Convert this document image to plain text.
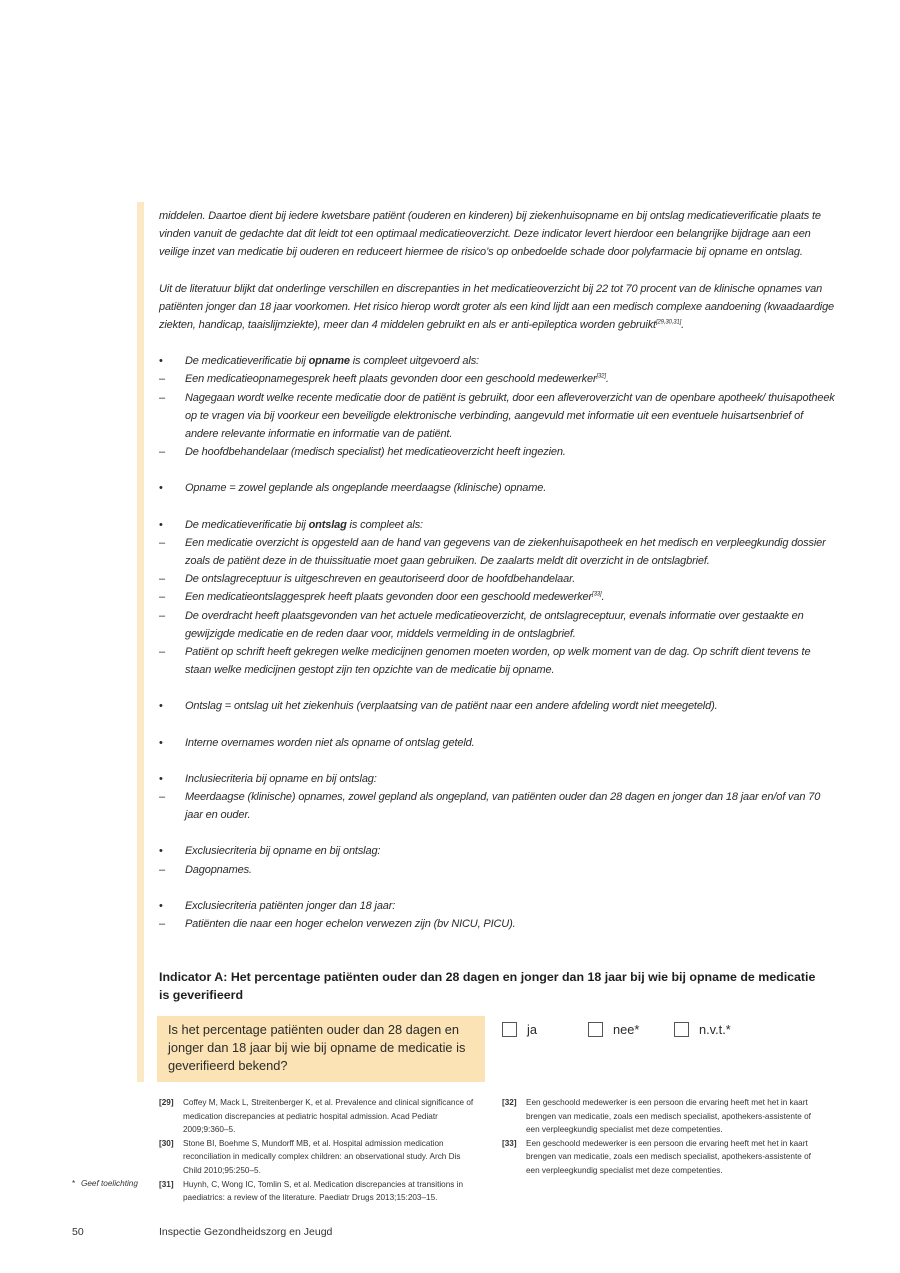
middelen. Daartoe dient bij iedere kwetsbare patiënt (ouderen en kinderen) bij ziekenhuisopname en bij ontslag medicatieverificatie plaats te vinden vanuit de gedachte dat dit leidt tot een optimaal medicatieoverzicht. Deze indicator levert hierdoor een belangrijke bijdrage aan een veilige inzet van medicatie bij ouderen en reduceert hiermee de risico’s op onbedoelde schade door polyfarmacie bij opname en ontslag.

Uit de literatuur blijkt dat onderlinge verschillen en discrepanties in het medicatieoverzicht bij 22 tot 70 procent van de klinische opnames van patiënten jonger dan 18 jaar voorkomen. Het risico hierop wordt groter als een kind lijdt aan een medisch complexe aandoening (kwaadaardige ziekten, handicap, taaislijmziekte), meer dan 4 middelen gebruikt en als er anti-epileptica worden gebruikt[29,30,31].

• De medicatieverificatie bij opname is compleet uitgevoerd als:
– Een medicatieopnamegesprek heeft plaats gevonden door een geschoold medewerker[32].
– Nagegaan wordt welke recente medicatie door de patiënt is gebruikt, door een afleveroverzicht van de openbare apotheek/ thuisapotheek op te vragen via bij voorkeur een beveiligde elektronische verbinding, aangevuld met informatie uit een eventuele huisartsenbrief of andere relevante informatie en informatie van de patiënt.
– De hoofdbehandelaar (medisch specialist) het medicatieoverzicht heeft ingezien.
• Opname = zowel geplande als ongeplande meerdaagse (klinische) opname.
• De medicatieverificatie bij ontslag is compleet als:
– Een medicatie overzicht is opgesteld aan de hand van gegevens van de ziekenhuisapotheek en het medisch en verpleegkundig dossier zoals de patiënt deze in de thuissituatie moet gaan gebruiken. De zaalarts meldt dit overzicht in de ontslagbrief.
– De ontslagreceptuur is uitgeschreven en geautoriseerd door de hoofdbehandelaar.
– Een medicatieontslaggesprek heeft plaats gevonden door een geschoold medewerker[33].
– De overdracht heeft plaatsgevonden van het actuele medicatieoverzicht, de ontslagreceptuur, evenals informatie over gestaakte en gewijzigde medicatie en de reden daar voor, middels vermelding in de ontslagbrief.
– Patiënt op schrift heeft gekregen welke medicijnen genomen moeten worden, op welk moment van de dag. Op schrift dient tevens te staan welke medicijnen gestopt zijn ten opzichte van de medicatie bij opname.
• Ontslag = ontslag uit het ziekenhuis (verplaatsing van de patiënt naar een andere afdeling wordt niet meegeteld).
• Interne overnames worden niet als opname of ontslag geteld.
• Inclusiecriteria bij opname en bij ontslag:
– Meerdaagse (klinische) opnames, zowel gepland als ongepland, van patiënten ouder dan 28 dagen en jonger dan 18 jaar en/of van 70 jaar en ouder.
• Exclusiecriteria bij opname en bij ontslag:
– Dagopnames.
• Exclusiecriteria patiënten jonger dan 18 jaar:
– Patiënten die naar een hoger echelon verwezen zijn (bv NICU, PICU).
Indicator A: Het percentage patiënten ouder dan 28 dagen en jonger dan 18 jaar bij wie bij opname de medicatie is geverifieerd
Is het percentage patiënten ouder dan 28 dagen en jonger dan 18 jaar bij wie bij opname de medicatie is geverifieerd bekend?
ja	nee*	n.v.t.*
[29] Coffey M, Mack L, Streitenberger K, et al. Prevalence and clinical significance of medication discrepancies at pediatric hospital admission. Acad Pediatr 2009;9:360–5.
[30] Stone BI, Boehme S, Mundorff MB, et al. Hospital admission medication reconciliation in medically complex children: an observational study. Arch Dis Child 2010;95:250–5.
[31] Huynh, C, Wong IC, Tomlin S, et al. Medication discrepancies at transitions in paediatrics: a review of the literature. Paediatr Drugs 2013;15:203–15.
[32] Een geschoold medewerker is een persoon die ervaring heeft met het in kaart brengen van medicatie, zoals een medisch specialist, apothekers-assistente of een verpleegkundig specialist met deze competenties.
[33] Een geschoold medewerker is een persoon die ervaring heeft met het in kaart brengen van medicatie, zoals een medisch specialist, apothekers-assistente of een verpleegkundig specialist met deze competenties.
* Geef toelichting
50	Inspectie Gezondheidszorg en Jeugd
